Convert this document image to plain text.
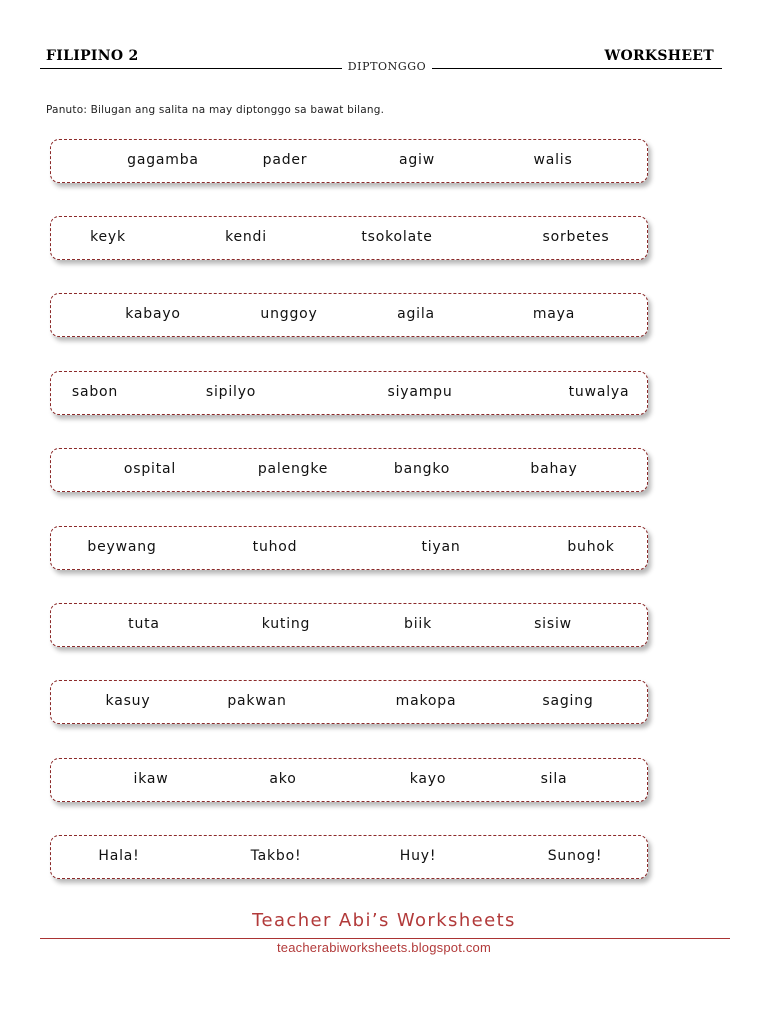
FILIPINO 2	WORKSHEET
DIPTONGGO
Panuto: Bilugan ang salita na may diptonggo sa bawat bilang.
gagamba	pader	agiw	walis
keyk	kendi	tsokolate	sorbetes
kabayo	unggoy	agila	maya
sabon	sipilyo	siyampu	tuwalya
ospital	palengke	bangko	bahay
beywang	tuhod	tiyan	buhok
tuta	kuting	biik	sisiw
kasuy	pakwan	makopa	saging
ikaw	ako	kayo	sila
Hala!	Takbo!	Huy!	Sunog!
Teacher Abi’s Worksheets
teacherabiworksheets.blogspot.com
